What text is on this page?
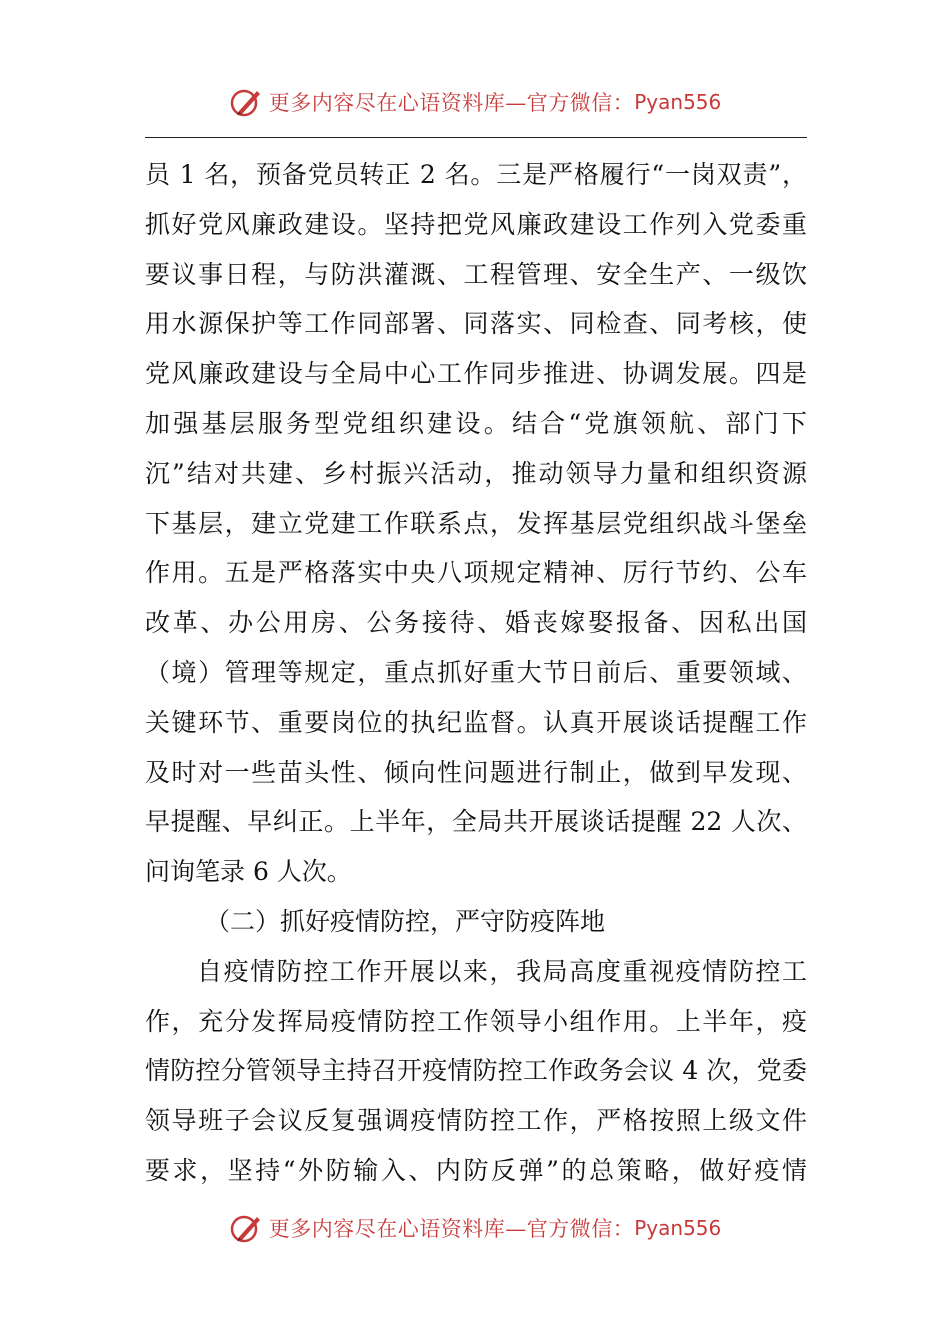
更多内容尽在心语资料库—官方微信： Pyan556
员 1 名，预备党员转正 2 名。三是严格履行“一岗双责”，
抓好党风廉政建设。坚持把党风廉政建设工作列入党委重
要议事日程，与防洪灌溉、工程管理、安全生产、一级饮
用水源保护等工作同部署、同落实、同检查、同考核，使
党风廉政建设与全局中心工作同步推进、协调发展。四是
加强基层服务型党组织建设。结合“党旗领航、部门下
沉”结对共建、乡村振兴活动，推动领导力量和组织资源
下基层，建立党建工作联系点，发挥基层党组织战斗堡垒
作用。五是严格落实中央八项规定精神、厉行节约、公车
改革、办公用房、公务接待、婚丧嫁娶报备、因私出国
（境）管理等规定，重点抓好重大节日前后、重要领域、
关键环节、重要岗位的执纪监督。认真开展谈话提醒工作
及时对一些苗头性、倾向性问题进行制止，做到早发现、
早提醒、早纠正。上半年，全局共开展谈话提醒 22 人次、
问询笔录 6 人次。
（二）抓好疫情防控，严守防疫阵地
自疫情防控工作开展以来，我局高度重视疫情防控工
作，充分发挥局疫情防控工作领导小组作用。上半年，疫
情防控分管领导主持召开疫情防控工作政务会议 4 次，党委
领导班子会议反复强调疫情防控工作，严格按照上级文件
要求，坚持“外防输入、内防反弹”的总策略，做好疫情
更多内容尽在心语资料库—官方微信： Pyan556
